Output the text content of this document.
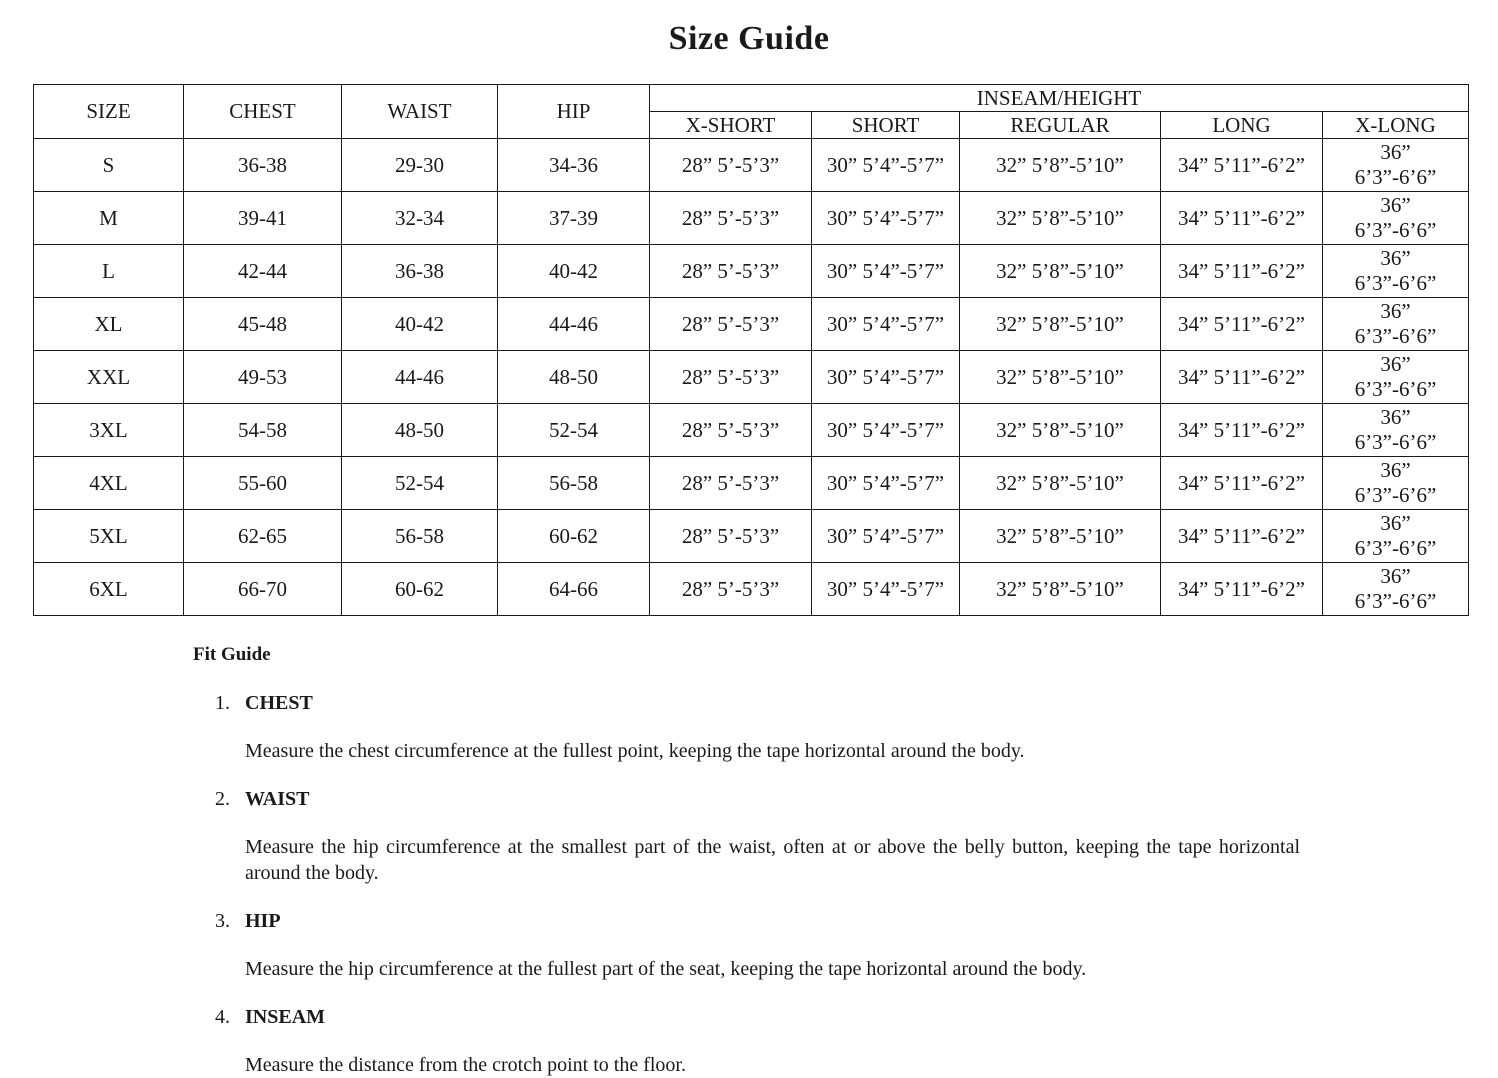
Size Guide
SIZE	CHEST	WAIST	HIP	INSEAM/HEIGHT				
				X-SHORT	SHORT	REGULAR	LONG	X-LONG
S	36-38	29-30	34-36	28” 5’-5’3”	30” 5’4”-5’7”	32” 5’8”-5’10”	34” 5’11”-6’2”	36” 6’3”-6’6”
M	39-41	32-34	37-39	28” 5’-5’3”	30” 5’4”-5’7”	32” 5’8”-5’10”	34” 5’11”-6’2”	36” 6’3”-6’6”
L	42-44	36-38	40-42	28” 5’-5’3”	30” 5’4”-5’7”	32” 5’8”-5’10”	34” 5’11”-6’2”	36” 6’3”-6’6”
XL	45-48	40-42	44-46	28” 5’-5’3”	30” 5’4”-5’7”	32” 5’8”-5’10”	34” 5’11”-6’2”	36” 6’3”-6’6”
XXL	49-53	44-46	48-50	28” 5’-5’3”	30” 5’4”-5’7”	32” 5’8”-5’10”	34” 5’11”-6’2”	36” 6’3”-6’6”
3XL	54-58	48-50	52-54	28” 5’-5’3”	30” 5’4”-5’7”	32” 5’8”-5’10”	34” 5’11”-6’2”	36” 6’3”-6’6”
4XL	55-60	52-54	56-58	28” 5’-5’3”	30” 5’4”-5’7”	32” 5’8”-5’10”	34” 5’11”-6’2”	36” 6’3”-6’6”
5XL	62-65	56-58	60-62	28” 5’-5’3”	30” 5’4”-5’7”	32” 5’8”-5’10”	34” 5’11”-6’2”	36” 6’3”-6’6”
6XL	66-70	60-62	64-66	28” 5’-5’3”	30” 5’4”-5’7”	32” 5’8”-5’10”	34” 5’11”-6’2”	36” 6’3”-6’6”

Fit Guide

1. CHEST

Measure the chest circumference at the fullest point, keeping the tape horizontal around the body.

2. WAIST

Measure the hip circumference at the smallest part of the waist, often at or above the belly button, keeping the tape horizontal around the body.

3. HIP

Measure the hip circumference at the fullest part of the seat, keeping the tape horizontal around the body.

4. INSEAM

Measure the distance from the crotch point to the floor.
